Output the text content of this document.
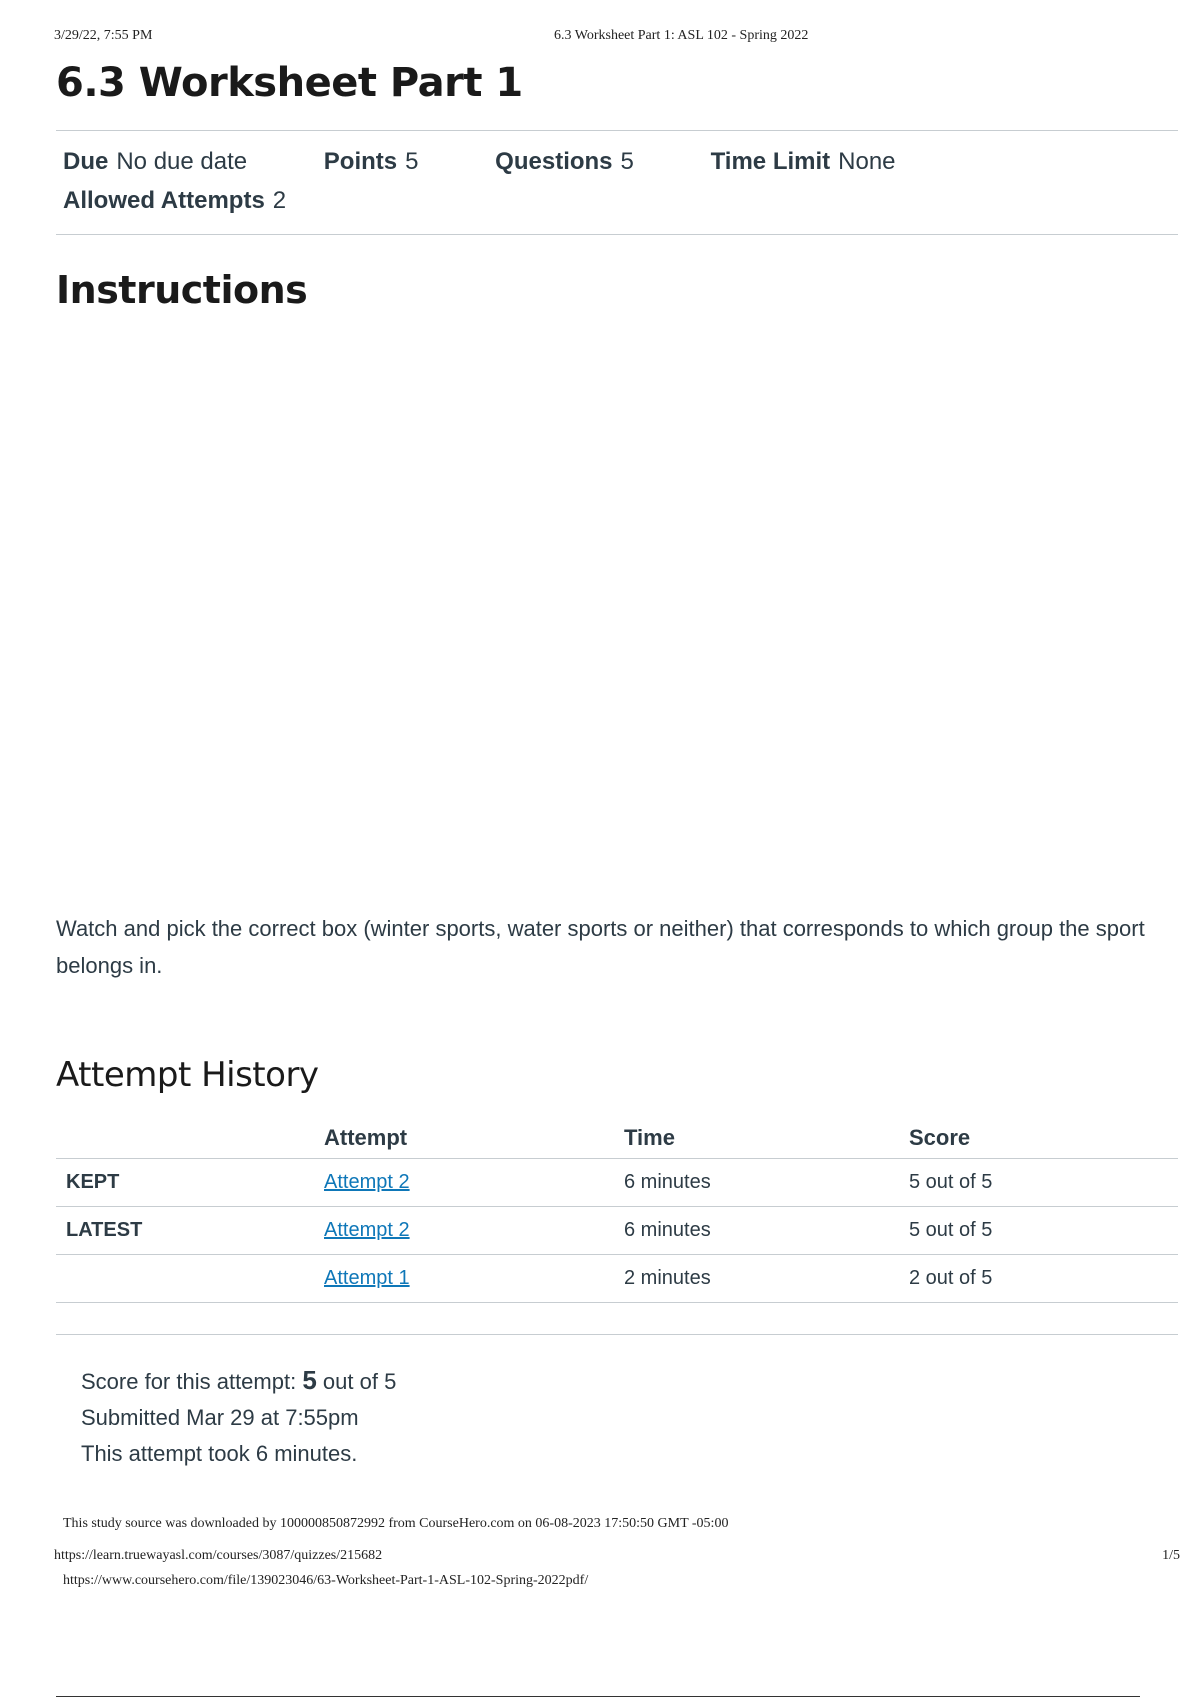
3/29/22, 7:55 PM	6.3 Worksheet Part 1: ASL 102 - Spring 2022
6.3 Worksheet Part 1
Due No due date	Points 5	Questions 5	Time Limit None
Allowed Attempts 2
Instructions

Watch and pick the correct box (winter sports, water sports or neither) that corresponds to which group the sport belongs in.

Attempt History
	Attempt	Time	Score
KEPT	Attempt 2	6 minutes	5 out of 5
LATEST	Attempt 2	6 minutes	5 out of 5
	Attempt 1	2 minutes	2 out of 5
Score for this attempt: 5 out of 5
Submitted Mar 29 at 7:55pm
This attempt took 6 minutes.
This study source was downloaded by 100000850872992 from CourseHero.com on 06-08-2023 17:50:50 GMT -05:00
https://learn.truewayasl.com/courses/3087/quizzes/215682	1/5
https://www.coursehero.com/file/139023046/63-Worksheet-Part-1-ASL-102-Spring-2022pdf/
